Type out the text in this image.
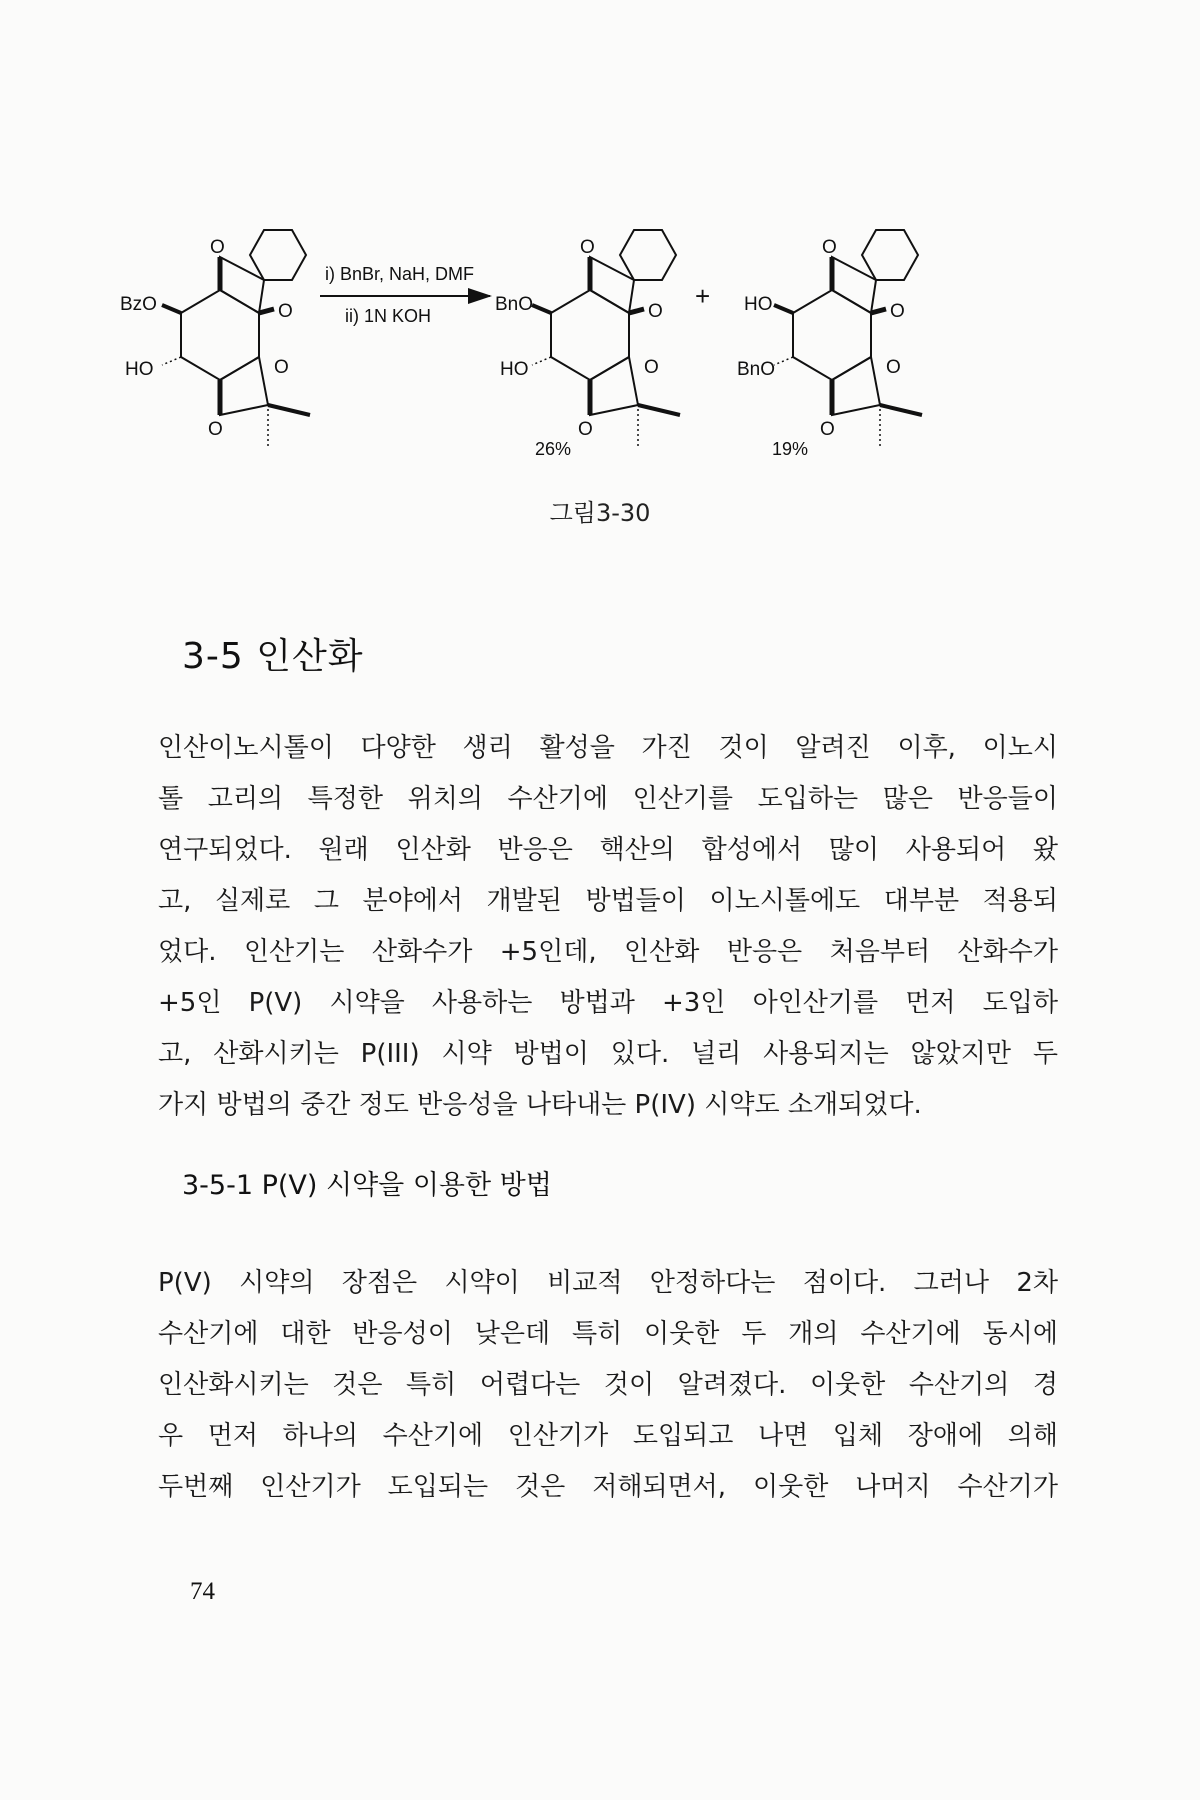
O
O
O
O
BzO
HO
i) BnBr, NaH, DMF
ii) 1N KOH
O
O
O
O
BnO
HO
26%
+
O
O
O
O
HO
BnO
19%
그림3-30
3-5 인산화
인산이노시톨이 다양한 생리 활성을 가진 것이 알려진 이후, 이노시
톨 고리의 특정한 위치의 수산기에 인산기를 도입하는 많은 반응들이
연구되었다. 원래 인산화 반응은 핵산의 합성에서 많이 사용되어 왔
고, 실제로 그 분야에서 개발된 방법들이 이노시톨에도 대부분 적용되
었다. 인산기는 산화수가 +5인데, 인산화 반응은 처음부터 산화수가
+5인 P(V) 시약을 사용하는 방법과 +3인 아인산기를 먼저 도입하
고, 산화시키는 P(III) 시약 방법이 있다. 널리 사용되지는 않았지만 두
가지 방법의 중간 정도 반응성을 나타내는 P(IV) 시약도 소개되었다.
3-5-1 P(V) 시약을 이용한 방법
P(V) 시약의 장점은 시약이 비교적 안정하다는 점이다. 그러나 2차
수산기에 대한 반응성이 낮은데 특히 이웃한 두 개의 수산기에 동시에
인산화시키는 것은 특히 어렵다는 것이 알려졌다. 이웃한 수산기의 경
우 먼저 하나의 수산기에 인산기가 도입되고 나면 입체 장애에 의해
두번째 인산기가 도입되는 것은 저해되면서, 이웃한 나머지 수산기가
74
